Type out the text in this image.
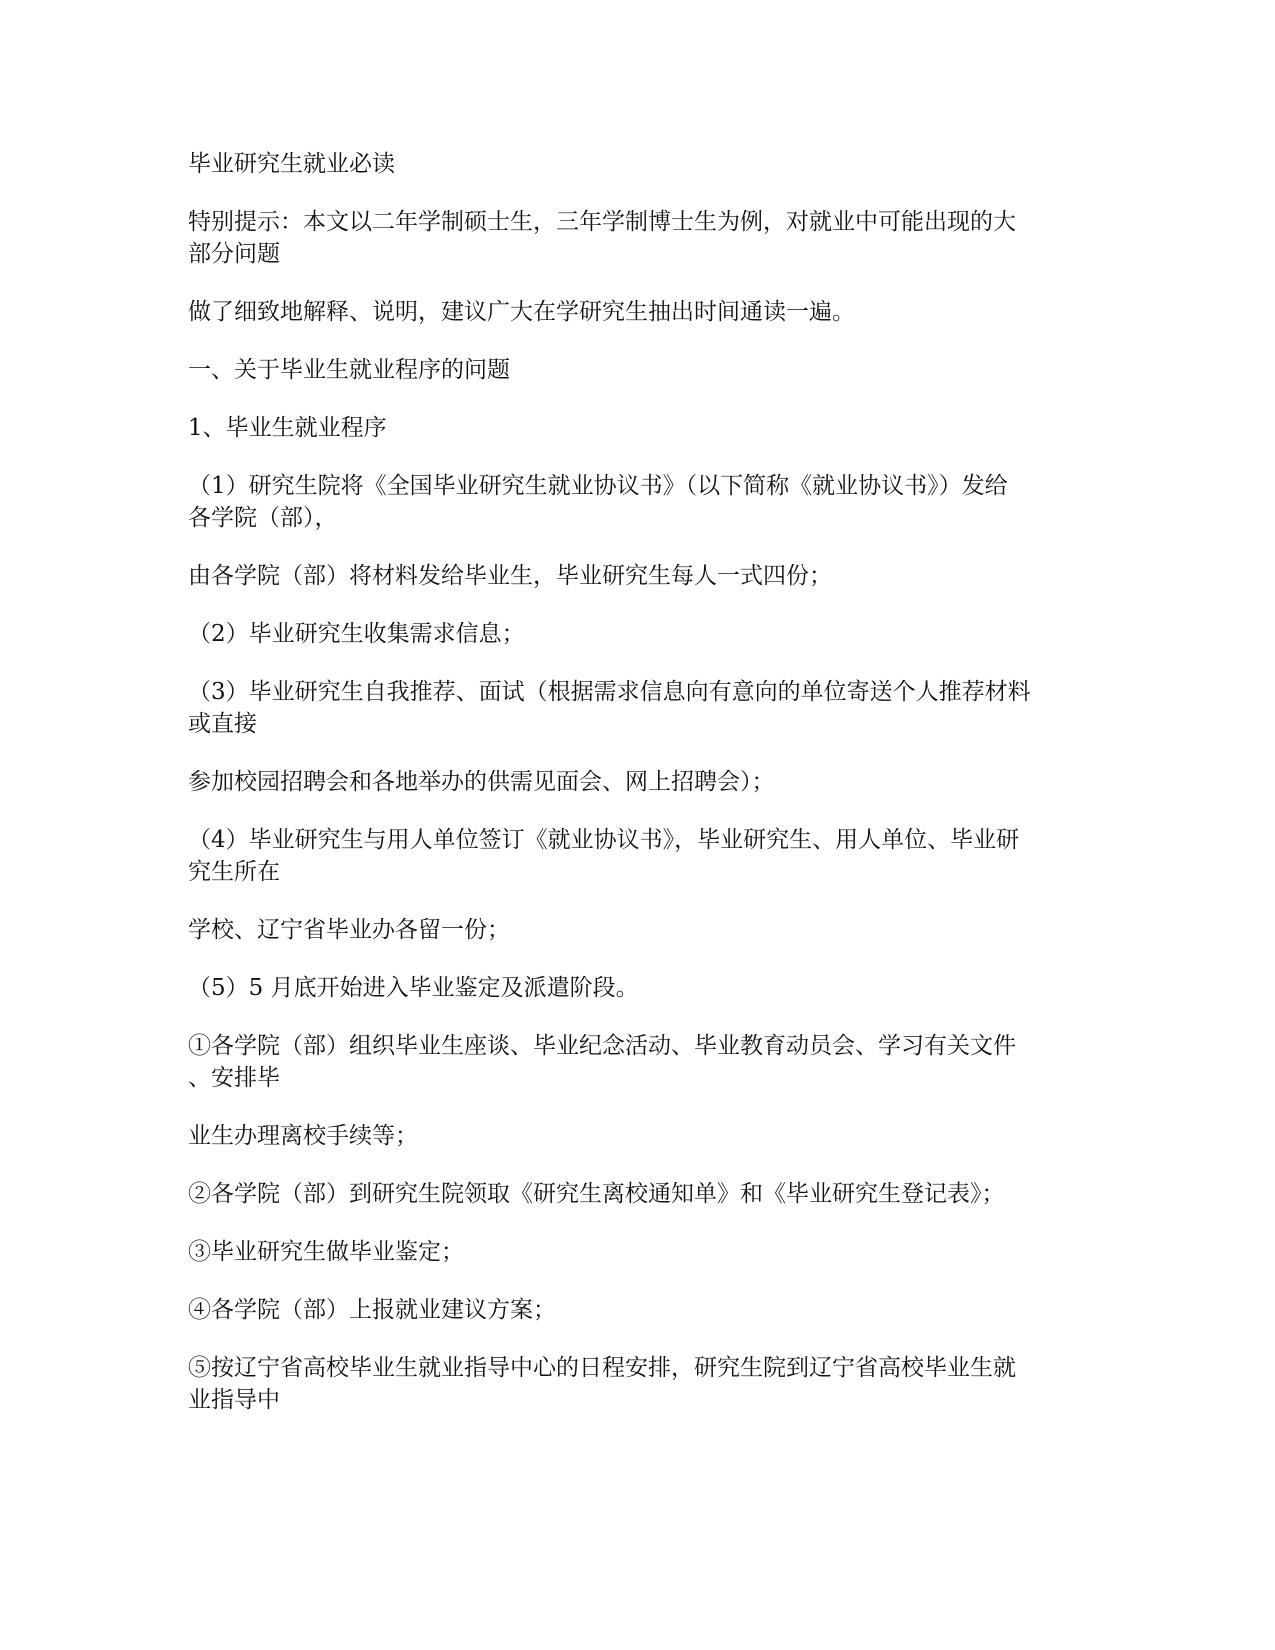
毕业研究生就业必读

特别提示：本文以二年学制硕士生，三年学制博士生为例，对就业中可能出现的大
部分问题

做了细致地解释、说明，建议广大在学研究生抽出时间通读一遍。

一、关于毕业生就业程序的问题

1、毕业生就业程序

（1）研究生院将《全国毕业研究生就业协议书》（以下简称《就业协议书》）发给
各学院（部），

由各学院（部）将材料发给毕业生，毕业研究生每人一式四份；

（2）毕业研究生收集需求信息；

（3）毕业研究生自我推荐、面试（根据需求信息向有意向的单位寄送个人推荐材料
或直接

参加校园招聘会和各地举办的供需见面会、网上招聘会）；

（4）毕业研究生与用人单位签订《就业协议书》，毕业研究生、用人单位、毕业研
究生所在

学校、辽宁省毕业办各留一份；

（5）5 月底开始进入毕业鉴定及派遣阶段。

①各学院（部）组织毕业生座谈、毕业纪念活动、毕业教育动员会、学习有关文件
、安排毕

业生办理离校手续等；

②各学院（部）到研究生院领取《研究生离校通知单》和《毕业研究生登记表》；

③毕业研究生做毕业鉴定；

④各学院（部）上报就业建议方案；

⑤按辽宁省高校毕业生就业指导中心的日程安排，研究生院到辽宁省高校毕业生就
业指导中
